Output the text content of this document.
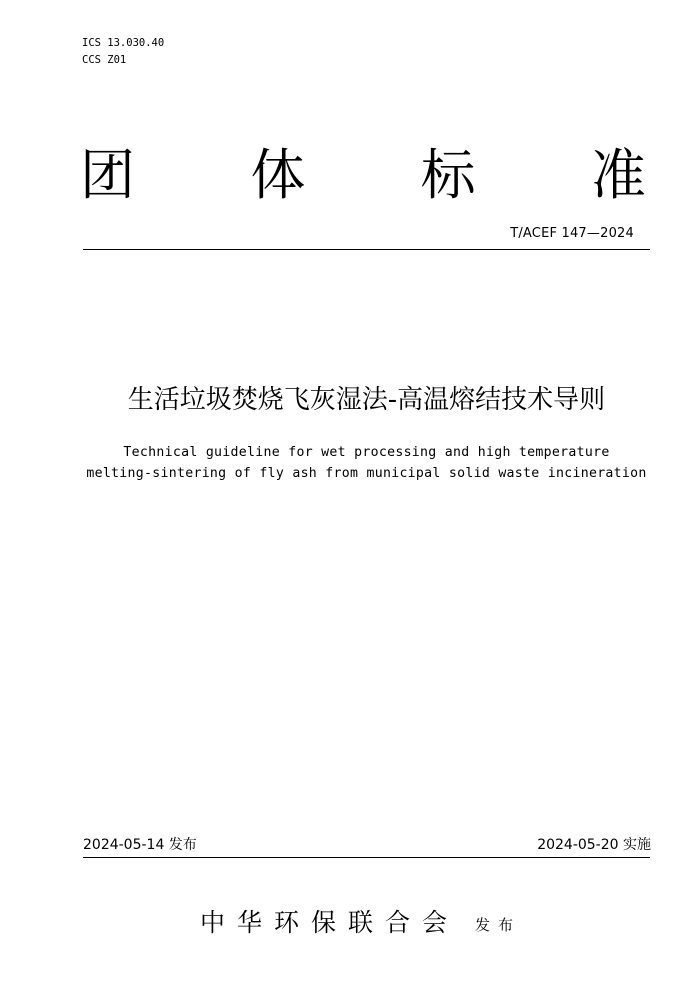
ICS 13.030.40
CCS Z01
团 体 标 准
T/ACEF 147—2024
生活垃圾焚烧飞灰湿法-高温熔结技术导则
Technical guideline for wet processing and high temperature
melting-sintering of fly ash from municipal solid waste incineration
2024-05-14 发布	2024-05-20 实施
中华环保联合会 发布
